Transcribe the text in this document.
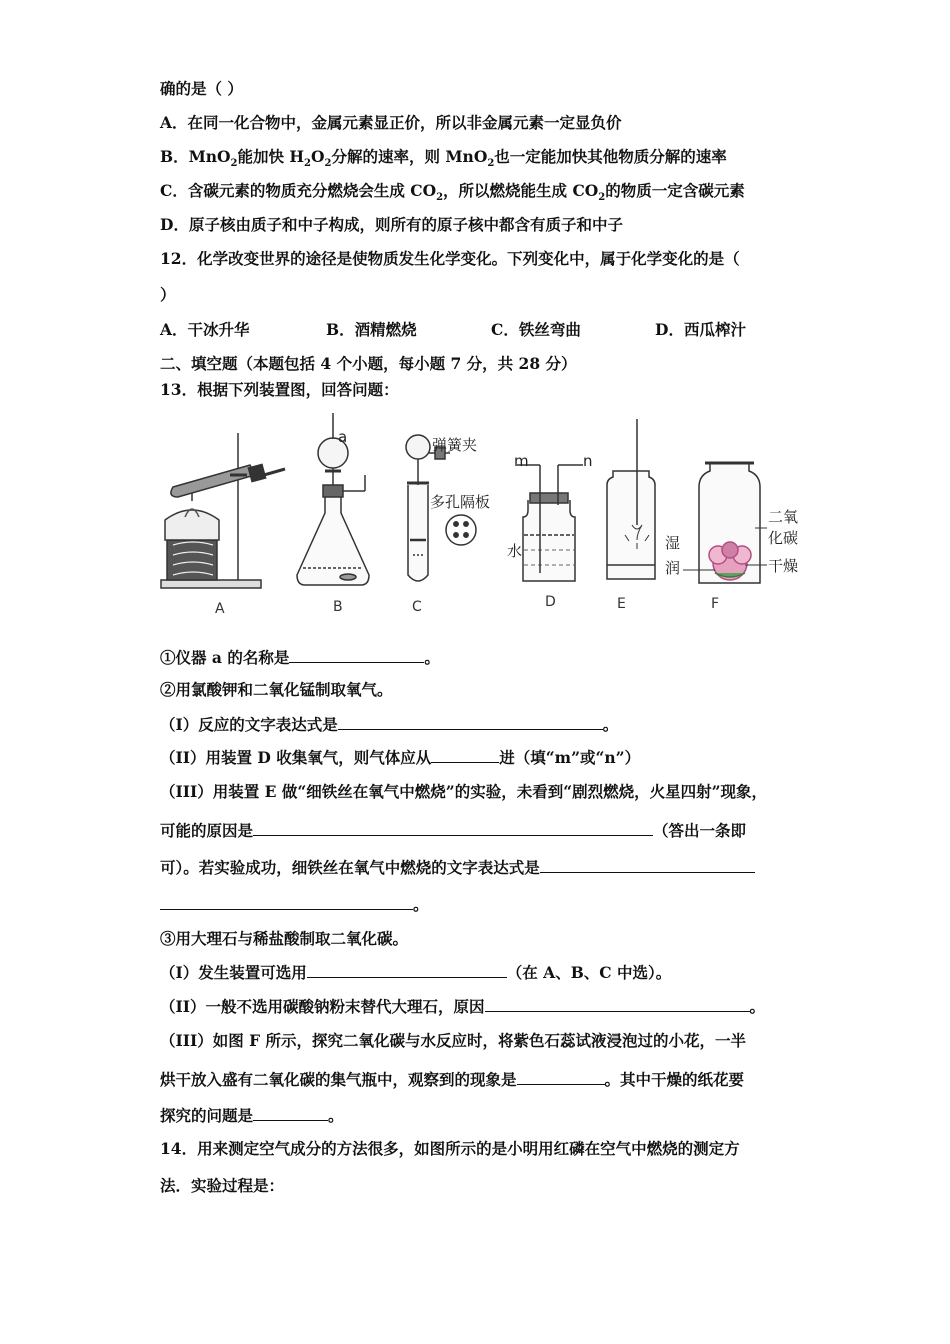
确的是（ ）
A．在同一化合物中，金属元素显正价，所以非金属元素一定显负价
B．MnO$_2$能加快 $H_2O_2$分解的速率，则 MnO$_2$也一定能加快其他物质分解的速率
C．含碳元素的物质充分燃烧会生成 $CO_2$，所以燃烧能生成 $CO_2$的物质一定含碳元素
D．原子核由质子和中子构成，则所有的原子核中都含有质子和中子
12．化学改变世界的途径是使物质发生化学变化。下列变化中，属于化学变化的是（
）
A．干冰升华	B．酒精燃烧	C．铁丝弯曲	D．西瓜榨汁
二、填空题（本题包括 4 个小题，每小题 7 分，共 28 分）
13．根据下列装置图，回答问题：
a	弹簧夹
多孔隔板
m	n
水	湿
润
二氧
化碳
干燥
A	B	C	D	E	F
①仪器 a 的名称是	。
②用氯酸钾和二氧化锰制取氧气。
（I）反应的文字表达式是	。
（II）用装置 D 收集氧气，则气体应从	进（填“m”或“n”）
（III）用装置 E 做“细铁丝在氧气中燃烧”的实验，未看到“剧烈燃烧，火星四射”现象，
可能的原因是	（答出一条即
可）。若实验成功，细铁丝在氧气中燃烧的文字表达式是
。
③用大理石与稀盐酸制取二氧化碳。
（I）发生装置可选用	（在 A、B、C 中选）。
（II）一般不选用碳酸钠粉末替代大理石，原因	。
（III）如图 F 所示，探究二氧化碳与水反应时，将紫色石蕊试液浸泡过的小花，一半
烘干放入盛有二氧化碳的集气瓶中，观察到的现象是	。其中干燥的纸花要
探究的问题是	。
14．用来测定空气成分的方法很多，如图所示的是小明用红磷在空气中燃烧的测定方
法．实验过程是：
